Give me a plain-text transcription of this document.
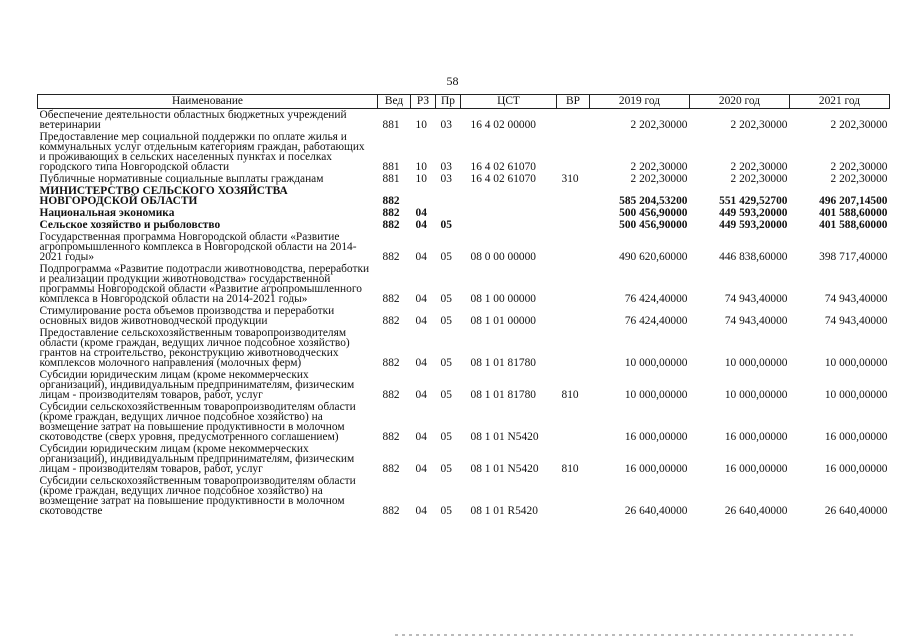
58
Наименование	Вед	РЗ	Пр	ЦСТ	ВР	2019 год	2020 год	2021 год
Обеспечение деятельности областных бюджетных учреждений ветеринарии	881	10	03	16 4 02 00000		2 202,30000	2 202,30000	2 202,30000
Предоставление мер социальной поддержки по оплате жилья и коммунальных услуг отдельным категориям граждан, работающих и проживающих в сельских населенных пунктах и поселках городского типа Новгородской области	881	10	03	16 4 02 61070		2 202,30000	2 202,30000	2 202,30000
Публичные нормативные социальные выплаты гражданам	881	10	03	16 4 02 61070	310	2 202,30000	2 202,30000	2 202,30000
МИНИСТЕРСТВО СЕЛЬСКОГО ХОЗЯЙСТВА НОВГОРОДСКОЙ ОБЛАСТИ	882					585 204,53200	551 429,52700	496 207,14500
Национальная экономика	882	04				500 456,90000	449 593,20000	401 588,60000
Сельское хозяйство и рыболовство	882	04	05			500 456,90000	449 593,20000	401 588,60000
Государственная программа Новгородской области «Развитие агропромышленного комплекса в Новгородской области на 2014-2021 годы»	882	04	05	08 0 00 00000		490 620,60000	446 838,60000	398 717,40000
Подпрограмма «Развитие подотрасли животноводства, переработки и реализации продукции животноводства» государственной программы Новгородской области «Развитие агропромышленного комплекса в Новгородской области на 2014-2021 годы»	882	04	05	08 1 00 00000		76 424,40000	74 943,40000	74 943,40000
Стимулирование роста объемов производства и переработки основных видов животноводческой продукции	882	04	05	08 1 01 00000		76 424,40000	74 943,40000	74 943,40000
Предоставление сельскохозяйственным товаропроизводителям области (кроме граждан, ведущих личное подсобное хозяйство) грантов на строительство, реконструкцию животноводческих комплексов молочного направления (молочных ферм)	882	04	05	08 1 01 81780		10 000,00000	10 000,00000	10 000,00000
Субсидии юридическим лицам (кроме некоммерческих организаций), индивидуальным предпринимателям, физическим лицам - производителям товаров, работ, услуг	882	04	05	08 1 01 81780	810	10 000,00000	10 000,00000	10 000,00000
Субсидии сельскохозяйственным товаропроизводителям области (кроме граждан, ведущих личное подсобное хозяйство) на возмещение затрат на повышение продуктивности в молочном скотоводстве (сверх уровня, предусмотренного соглашением)	882	04	05	08 1 01 N5420		16 000,00000	16 000,00000	16 000,00000
Субсидии юридическим лицам (кроме некоммерческих организаций), индивидуальным предпринимателям, физическим лицам - производителям товаров, работ, услуг	882	04	05	08 1 01 N5420	810	16 000,00000	16 000,00000	16 000,00000
Субсидии сельскохозяйственным товаропроизводителям области (кроме граждан, ведущих личное подсобное хозяйство) на возмещение затрат на повышение продуктивности в молочном скотоводстве	882	04	05	08 1 01 R5420		26 640,40000	26 640,40000	26 640,40000
